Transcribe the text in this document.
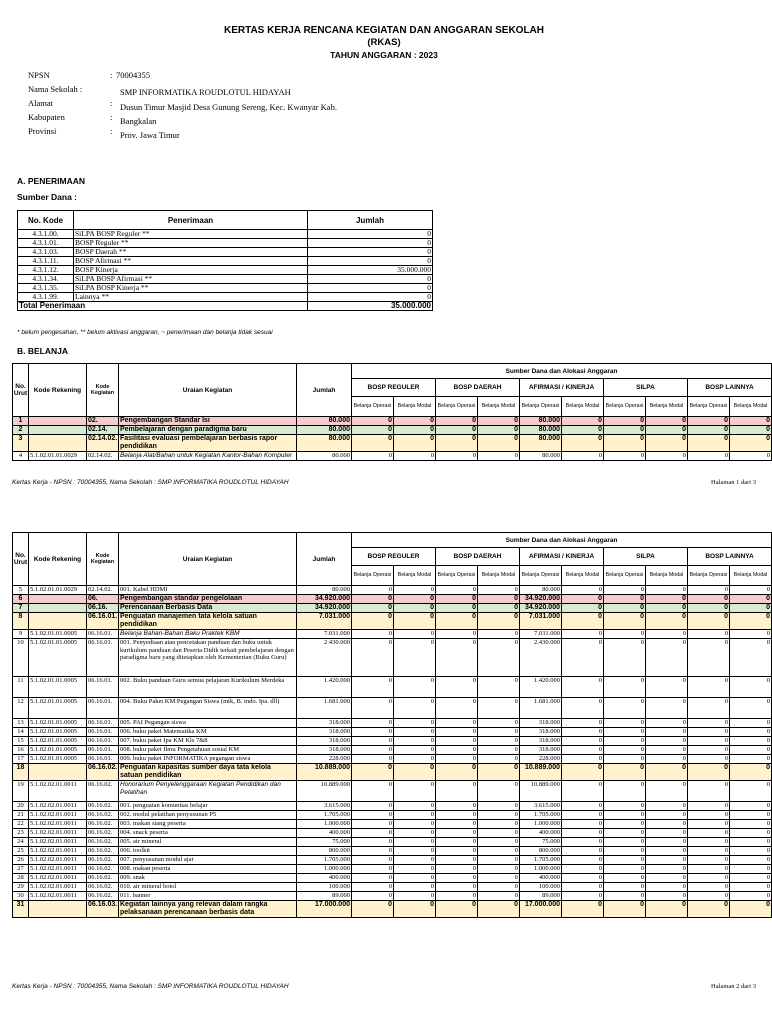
KERTAS KERJA RENCANA KEGIATAN DAN ANGGARAN SEKOLAH
(RKAS)
TAHUN ANGGARAN : 2023
NPSN	: 70004355
Nama Sekolah :	SMP INFORMATIKA ROUDLOTUL HIDAYAH
Alamat	: Dusun Timur Masjid Desa Gunung Sereng, Kec. Kwanyar Kab.
Kabupaten	: Bangkalan
Provinsi	: Prov. Jawa Timur
A. PENERIMAAN
Sumber Dana :
No. Kode	Penerimaan	Jumlah
4.3.1.00.	SiLPA BOSP Reguler **	0
4.3.1.01.	BOSP Reguler **	0
4.3.1.03.	BOSP Daerah **	0
4.3.1.11.	BOSP Afirmasi **	0
4.3.1.12.	BOSP Kinerja	35.000.000
4.3.1.34.	SiLPA BOSP Afirmasi **	0
4.3.1.35.	SiLPA BOSP Kinerja **	0
4.3.1.99.	Lainnya **	0
Total Penerimaan		35.000.000
* belum pengesahan, ** belum aktivasi anggaran, ~ penerimaan dan belanja tidak sesuai
B. BELANJA
No. Urut	Kode Rekening	Kode Kegiatan	Uraian Kegiatan	Jumlah	Sumber Dana dan Alokasi Anggaran									
					BOSP REGULER		BOSP DAERAH		AFIRMASI / KINERJA		SILPA		BOSP LAINNYA	
					Belanja Operasi	Belanja Modal	Belanja Operasi	Belanja Modal	Belanja Operasi	Belanja Modal	Belanja Operasi	Belanja Modal	Belanja Operasi	Belanja Modal
1		02.	Pengembangan Standar Isi	80.000	0	0	0	0	80.000	0	0	0	0	0
2		02.14.	Pembelajaran dengan paradigma baru	80.000	0	0	0	0	80.000	0	0	0	0	0
3		02.14.02.	Fasilitasi evaluasi pembelajaran berbasis rapor pendidikan	80.000	0	0	0	0	80.000	0	0	0	0	0
4	5.1.02.01.01.0029	02.14.02.	Belanja Alat/Bahan untuk Kegiatan Kantor-Bahan Komputer	80.000	0	0	0	0	80.000	0	0	0	0	0
Kertas Kerja - NPSN : 70004355, Nama Sekolah : SMP INFORMATIKA ROUDLOTUL HIDAYAH	Halaman 1 dari 3
No. Urut	Kode Rekening	Kode Kegiatan	Uraian Kegiatan	Jumlah	Sumber Dana dan Alokasi Anggaran									
					BOSP REGULER		BOSP DAERAH		AFIRMASI / KINERJA		SILPA		BOSP LAINNYA	
					Belanja Operasi	Belanja Modal	Belanja Operasi	Belanja Modal	Belanja Operasi	Belanja Modal	Belanja Operasi	Belanja Modal	Belanja Operasi	Belanja Modal
5	5.1.02.01.01.0029	02.14.02.	001. Kabel HDMI	80.000	0	0	0	0	80.000	0	0	0	0	0
6		06.	Pengembangan standar pengelolaan	34.920.000	0	0	0	0	34.920.000	0	0	0	0	0
7		06.16.	Perencanaan Berbasis Data	34.920.000	0	0	0	0	34.920.000	0	0	0	0	0
8		06.16.01.	Penguatan manajemen tata kelola satuan pendidikan	7.031.000	0	0	0	0	7.031.000	0	0	0	0	0
9	5.1.02.01.01.0005	06.16.01.	Belanja Bahan-Bahan Baku Praktek KBM	7.031.000	0	0	0	0	7.031.000	0	0	0	0	0
10	5.1.02.01.01.0005	06.16.01.	001. Penyediaan atau pencetakan panduan dan buku untuk kurikulum panduan dan Peserta Didik terkait pembelajaran dengan paradigma baru yang ditetapkan oleh Kementerian (Buku Guru)	2.430.000	0	0	0	0	2.430.000	0	0	0	0	0
11	5.1.02.01.01.0005	06.16.01.	002. Buku panduan Guru semua pelajaran Kurikulum Merdeka	1.420.000	0	0	0	0	1.420.000	0	0	0	0	0
12	5.1.02.01.01.0005	06.16.01.	004. Buku Paket KM Pegangan Siswa (mtk, B. indo. Ipa. dll)	1.681.000	0	0	0	0	1.681.000	0	0	0	0	0
13	5.1.02.01.01.0005	06.16.01.	005. PAI Pegangan siswa	318.000	0	0	0	0	318.000	0	0	0	0	0
14	5.1.02.01.01.0005	06.16.01.	006. buku paket Matematika KM	318.000	0	0	0	0	318.000	0	0	0	0	0
15	5.1.02.01.01.0005	06.16.01.	007. buku paket Ipa KM Kls 7&8	318.000	0	0	0	0	318.000	0	0	0	0	0
16	5.1.02.01.01.0005	06.16.01.	008. buku paket Ilmu Pengetahuan sosial KM	318.000	0	0	0	0	318.000	0	0	0	0	0
17	5.1.02.01.01.0005	06.16.01.	009. buku paket INFORMATIKA pegangan siswa	228.000	0	0	0	0	228.000	0	0	0	0	0
18		06.16.02.	Penguatan kapasitas sumber daya tata kelola satuan pendidikan	10.889.000	0	0	0	0	10.889.000	0	0	0	0	0
19	5.1.02.02.01.0011	06.16.02.	Honorarium Penyelenggaraan Kegiatan Pendidikan dan Pelatihan	10.889.000	0	0	0	0	10.889.000	0	0	0	0	0
20	5.1.02.02.01.0011	06.16.02.	001. penguatan komunitas belajar	3.615.000	0	0	0	0	3.615.000	0	0	0	0	0
21	5.1.02.02.01.0011	06.16.02.	002. modul pelatihan penyusunan P5	1.705.000	0	0	0	0	1.705.000	0	0	0	0	0
22	5.1.02.02.01.0011	06.16.02.	003. makan siang peserta	1.000.000	0	0	0	0	1.000.000	0	0	0	0	0
23	5.1.02.02.01.0011	06.16.02.	004. snack peserta	400.000	0	0	0	0	400.000	0	0	0	0	0
24	5.1.02.02.01.0011	06.16.02.	005. air mineral	75.000	0	0	0	0	75.000	0	0	0	0	0
25	5.1.02.02.01.0011	06.16.02.	006. toolkit	800.000	0	0	0	0	800.000	0	0	0	0	0
26	5.1.02.02.01.0011	06.16.02.	007. penyusunan modul ajar	1.705.000	0	0	0	0	1.705.000	0	0	0	0	0
27	5.1.02.02.01.0011	06.16.02.	008. makan peserta	1.000.000	0	0	0	0	1.000.000	0	0	0	0	0
28	5.1.02.02.01.0011	06.16.02.	009. snak	400.000	0	0	0	0	400.000	0	0	0	0	0
29	5.1.02.02.01.0011	06.16.02.	010. air mineral botol	100.000	0	0	0	0	100.000	0	0	0	0	0
30	5.1.02.02.01.0011	06.16.02.	011. banner	89.000	0	0	0	0	89.000	0	0	0	0	0
31		06.16.03.	Kegiatan lainnya yang relevan dalam rangka pelaksanaan perencanaan berbasis data	17.000.000	0	0	0	0	17.000.000	0	0	0	0	0
Kertas Kerja - NPSN : 70004355, Nama Sekolah : SMP INFORMATIKA ROUDLOTUL HIDAYAH	Halaman 2 dari 3
